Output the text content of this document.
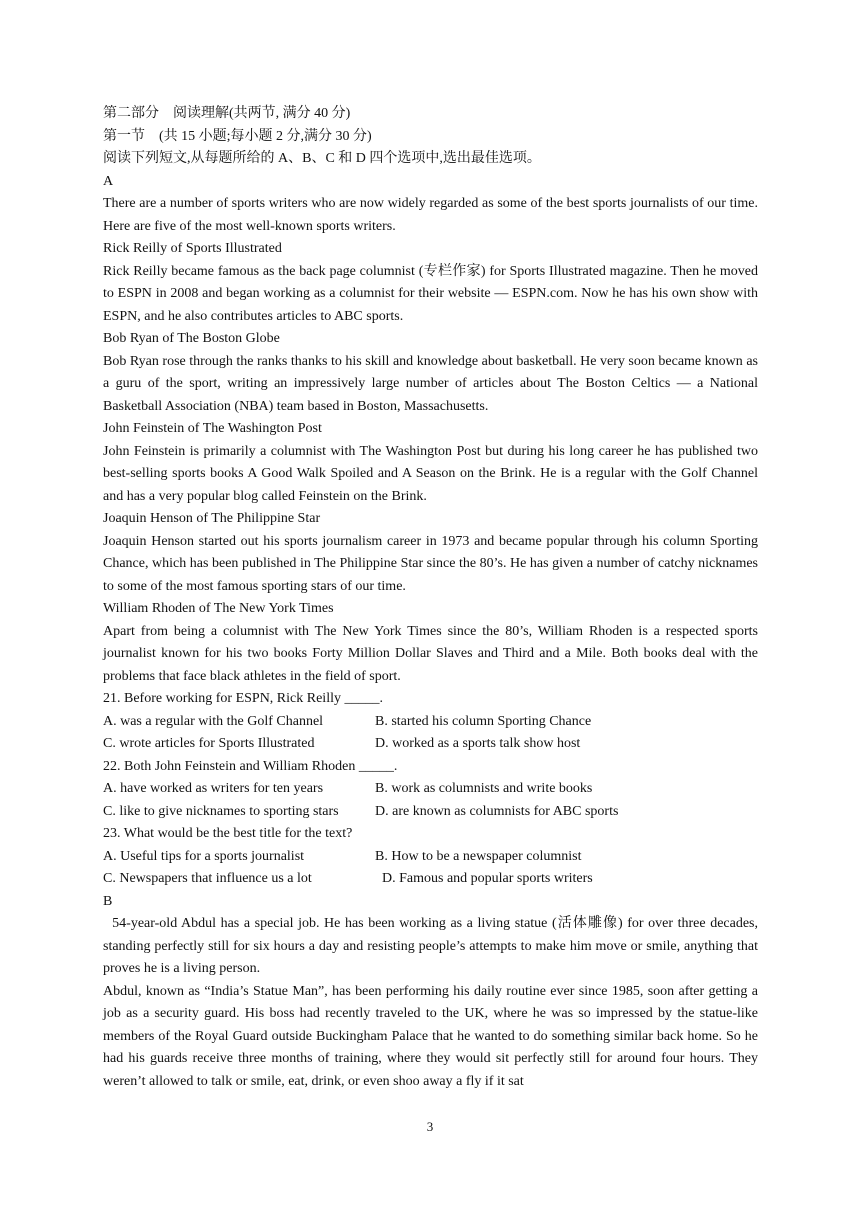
第二部分　阅读理解(共两节, 满分 40 分)
第一节　(共 15 小题;每小题 2 分,满分 30 分)
阅读下列短文,从每题所给的 A、B、C 和 D 四个选项中,选出最佳选项。
A
There are a number of sports writers who are now widely regarded as some of the best sports journalists of our time. Here are five of the most well-known sports writers.
Rick Reilly of Sports Illustrated
Rick Reilly became famous as the back page columnist (专栏作家) for Sports Illustrated magazine. Then he moved to ESPN in 2008 and began working as a columnist for their website — ESPN.com. Now he has his own show with ESPN, and he also contributes articles to ABC sports.
Bob Ryan of The Boston Globe
Bob Ryan rose through the ranks thanks to his skill and knowledge about basketball. He very soon became known as a guru of the sport, writing an impressively large number of articles about The Boston Celtics — a National Basketball Association (NBA) team based in Boston, Massachusetts.
John Feinstein of The Washington Post
John Feinstein is primarily a columnist with The Washington Post but during his long career he has published two best-selling sports books A Good Walk Spoiled and A Season on the Brink. He is a regular with the Golf Channel and has a very popular blog called Feinstein on the Brink.
Joaquin Henson of The Philippine Star
Joaquin Henson started out his sports journalism career in 1973 and became popular through his column Sporting Chance, which has been published in The Philippine Star since the 80’s. He has given a number of catchy nicknames to some of the most famous sporting stars of our time.
William Rhoden of The New York Times
Apart from being a columnist with The New York Times since the 80’s, William Rhoden is a respected sports journalist known for his two books Forty Million Dollar Slaves and Third and a Mile. Both books deal with the problems that face black athletes in the field of sport.
21. Before working for ESPN, Rick Reilly _____.
A. was a regular with the Golf Channel	B. started his column Sporting Chance
C. wrote articles for Sports Illustrated	D. worked as a sports talk show host
22. Both John Feinstein and William Rhoden _____.
A. have worked as writers for ten years	B. work as columnists and write books
C. like to give nicknames to sporting stars	D. are known as columnists for ABC sports
23. What would be the best title for the text?
A. Useful tips for a sports journalist	B. How to be a newspaper columnist
C. Newspapers that influence us a lot	D. Famous and popular sports writers
B
54-year-old Abdul has a special job. He has been working as a living statue (活体雕像) for over three decades, standing perfectly still for six hours a day and resisting people’s attempts to make him move or smile, anything that proves he is a living person.
Abdul, known as “India’s Statue Man”, has been performing his daily routine ever since 1985, soon after getting a job as a security guard. His boss had recently traveled to the UK, where he was so impressed by the statue-like members of the Royal Guard outside Buckingham Palace that he wanted to do something similar back home. So he had his guards receive three months of training, where they would sit perfectly still for around four hours. They weren’t allowed to talk or smile, eat, drink, or even shoo away a fly if it sat
3
